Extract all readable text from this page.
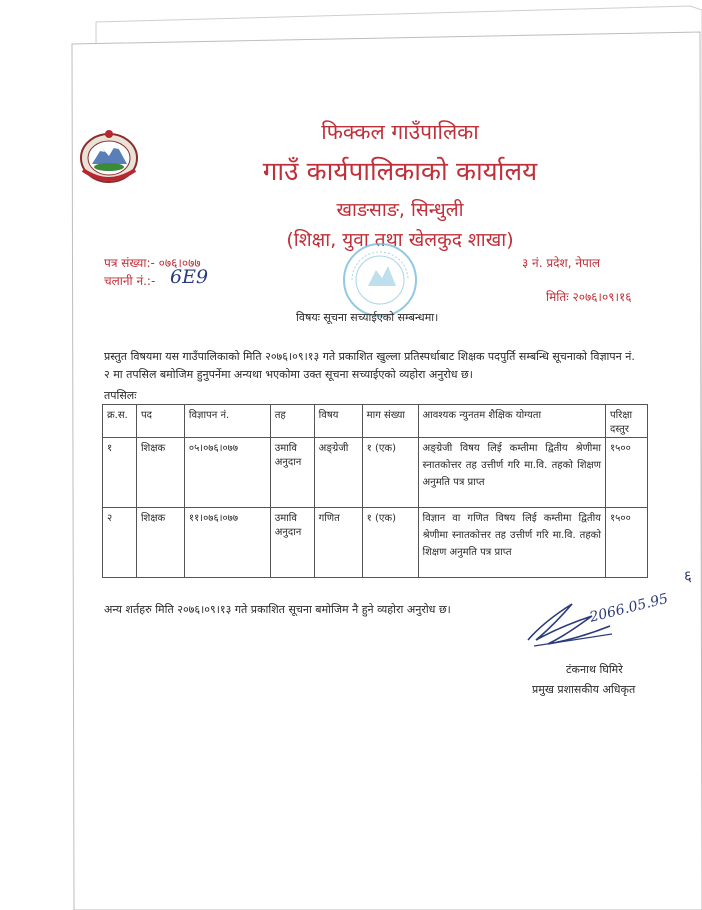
फिक्कल गाउँपालिका
गाउँ कार्यपालिकाको कार्यालय
खाङसाङ, सिन्धुली
(शिक्षा, युवा तथा खेलकुद शाखा)
पत्र संख्या:- ०७६।०७७
चलानी नं.:- 6E9
३ नं. प्रदेश, नेपाल
मितिः २०७६।०९।१६
विषयः सूचना सच्याईएको सम्बन्धमा।
प्रस्तुत विषयमा यस गाउँपालिकाको मिति २०७६।०९।१३ गते प्रकाशित खुल्ला प्रतिस्पर्धाबाट शिक्षक पदपुर्ति सम्बन्धि सूचनाको विज्ञापन नं. २ मा तपसिल बमोजिम हुनुपर्नेमा अन्यथा भएकोमा उक्त सूचना सच्याईएको व्यहोरा अनुरोध छ।
तपसिलः
क्र.स.	पद	विज्ञापन नं.	तह	विषय	माग संख्या	आवश्यक न्युनतम शैक्षिक योग्यता	परिक्षा दस्तुर
१	शिक्षक	०५।०७६।०७७	उमावि अनुदान	अङ्ग्रेजी	१ (एक)	अङ्ग्रेजी विषय लिई कम्तीमा द्वितीय श्रेणीमा स्नातकोत्तर तह उत्तीर्ण गरि मा.वि. तहको शिक्षण अनुमति पत्र प्राप्त	१५००
२	शिक्षक	११।०७६।०७७	उमावि अनुदान	गणित	१ (एक)	विज्ञान वा गणित विषय लिई कम्तीमा द्वितीय श्रेणीमा स्नातकोत्तर तह उत्तीर्ण गरि मा.वि. तहको शिक्षण अनुमति पत्र प्राप्त	१५००
अन्य शर्तहरु मिति २०७६।०९।१३ गते प्रकाशित सूचना बमोजिम नै हुने व्यहोरा अनुरोध छ।	2066.05.95
६
टंकनाथ घिमिरे
प्रमुख प्रशासकीय अधिकृत
